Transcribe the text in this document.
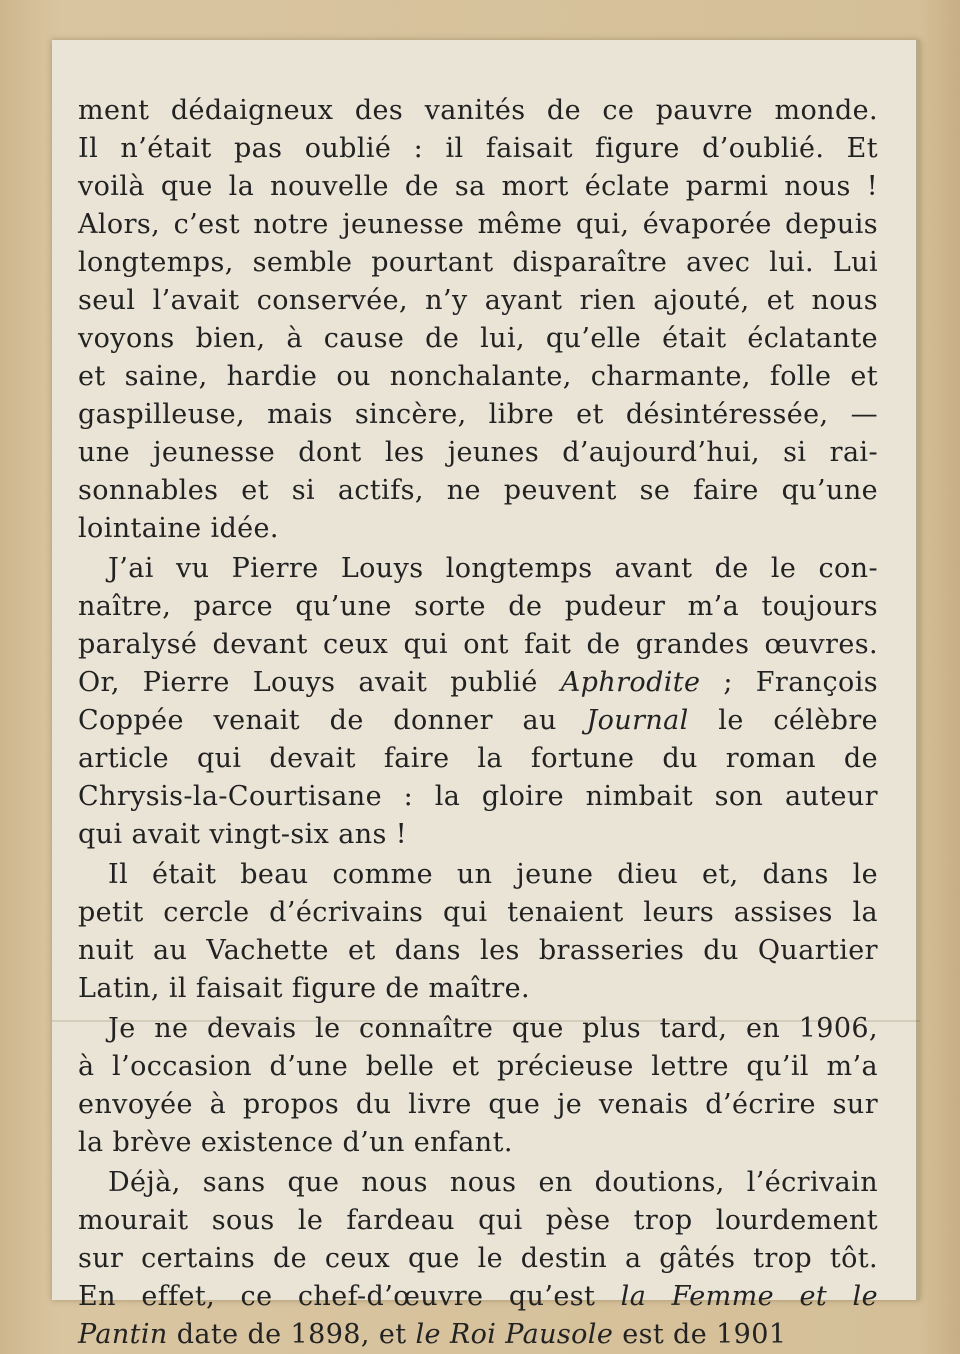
ment dédaigneux des vanités de ce pauvre monde.
Il n’était pas oublié : il faisait figure d’oublié. Et
voilà que la nouvelle de sa mort éclate parmi nous !
Alors, c’est notre jeunesse même qui, évaporée depuis
longtemps, semble pourtant disparaître avec lui. Lui
seul l’avait conservée, n’y ayant rien ajouté, et nous
voyons bien, à cause de lui, qu’elle était éclatante
et saine, hardie ou nonchalante, charmante, folle et
gaspilleuse, mais sincère, libre et désintéressée, —
une jeunesse dont les jeunes d’aujourd’hui, si rai-
sonnables et si actifs, ne peuvent se faire qu’une
lointaine idée.
J’ai vu Pierre Louys longtemps avant de le con-
naître, parce qu’une sorte de pudeur m’a toujours
paralysé devant ceux qui ont fait de grandes œuvres.
Or, Pierre Louys avait publié Aphrodite ; François
Coppée venait de donner au Journal le célèbre
article qui devait faire la fortune du roman de
Chrysis-la-Courtisane : la gloire nimbait son auteur
qui avait vingt-six ans !
Il était beau comme un jeune dieu et, dans le
petit cercle d’écrivains qui tenaient leurs assises la
nuit au Vachette et dans les brasseries du Quartier
Latin, il faisait figure de maître.
Je ne devais le connaître que plus tard, en 1906,
à l’occasion d’une belle et précieuse lettre qu’il m’a
envoyée à propos du livre que je venais d’écrire sur
la brève existence d’un enfant.
Déjà, sans que nous nous en doutions, l’écrivain
mourait sous le fardeau qui pèse trop lourdement
sur certains de ceux que le destin a gâtés trop tôt.
En effet, ce chef-d’œuvre qu’est la Femme et le
Pantin date de 1898, et le Roi Pausole est de 1901
